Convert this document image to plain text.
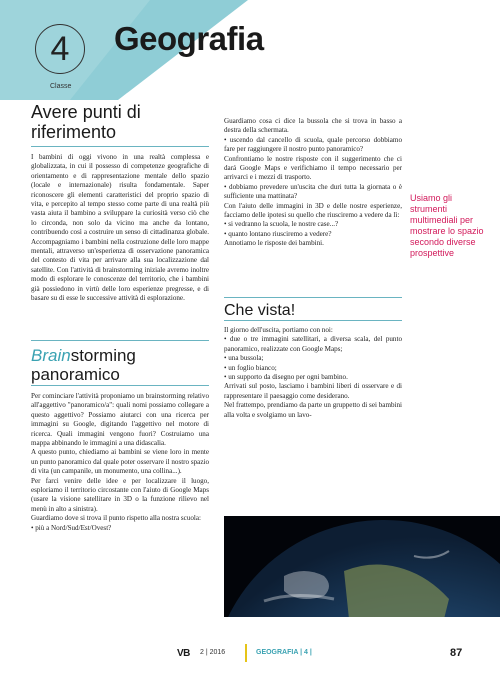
4
Classe
Geografia
Avere punti di riferimento

I bambini di oggi vivono in una realtà complessa e globalizzata, in cui il possesso di competenze geografiche di orientamento e di rappresentazione mentale dello spazio (locale e internazionale) risulta fondamentale. Saper riconoscere gli elementi caratteristici del proprio spazio di vita, e percepito al tempo stesso come parte di una realtà più vasta aiuta il bambino a sviluppare la curiosità verso ciò che lo circonda, non solo da vicino ma anche da lontano, contribuendo così a costruire un senso di cittadinanza globale. Accompagniamo i bambini nella costruzione delle loro mappe mentali, attraverso un'esperienza di osservazione panoramica del contesto di vita per arrivare alla sua localizzazione dal satellite. Con l'attività di brainstorming iniziale avremo inoltre modo di esplorare le conoscenze del territorio, che i bambini già possiedono in virtù delle loro esperienze pregresse, e di basare su di esse le successive attività di esplorazione.

Brainstorming
panoramico

Per cominciare l'attività proponiamo un brainstorming relativo all'aggettivo "panoramico/a": quali nomi possiamo collegare a questo aggettivo? Possiamo aiutarci con una ricerca per immagini su Google, digitando l'aggettivo nel motore di ricerca. Quali immagini vengono fuori? Costruiamo una mappa abbinando le immagini a una didascalia.

A questo punto, chiediamo ai bambini se viene loro in mente un punto panoramico dal quale poter osservare il nostro spazio di vita (un campanile, un monumento, una collina...).

Per farci venire delle idee e per localizzare il luogo, esploriamo il territorio circostante con l'aiuto di Google Maps (usare la visione satellitare in 3D o la funzione rilievo nel menù in alto a sinistra).

Guardiamo dove si trova il punto rispetto alla nostra scuola:

• più a Nord/Sud/Est/Ovest?

Guardiamo cosa ci dice la bussola che si trova in basso a destra della schermata.

• uscendo dal cancello di scuola, quale percorso dobbiamo fare per raggiungere il nostro punto panoramico?

Confrontiamo le nostre risposte con il suggerimento che ci dará Google Maps e verifichiamo il tempo necessario per arrivarci e i mezzi di trasporto.

• dobbiamo prevedere un'uscita che duri tutta la giornata o è sufficiente una mattinata?

Con l'aiuto delle immagini in 3D e delle nostre esperienze, facciamo delle ipotesi su quello che riusciremo a vedere da lì:

• si vedranno la scuola, le nostre case...?

• quanto lontano riusciremo a vedere?

Annotiamo le risposte dei bambini.

Che vista!

Il giorno dell'uscita, portiamo con noi:

• due o tre immagini satellitari, a diversa scala, del punto panoramico, realizzate con Google Maps;

• una bussola;

• un foglio bianco;

• un supporto da disegno per ogni bambino.

Arrivati sul posto, lasciamo i bambini liberi di osservare e di rappresentare il paesaggio come desiderano.

Nel frattempo, prendiamo da parte un gruppetto di sei bambini alla volta e svolgiamo un lavo-

Usiamo gli strumenti multimediali per mostrare lo spazio secondo diverse prospettive
VB 2 | 2016	GEOGRAFIA | 4 |	87
